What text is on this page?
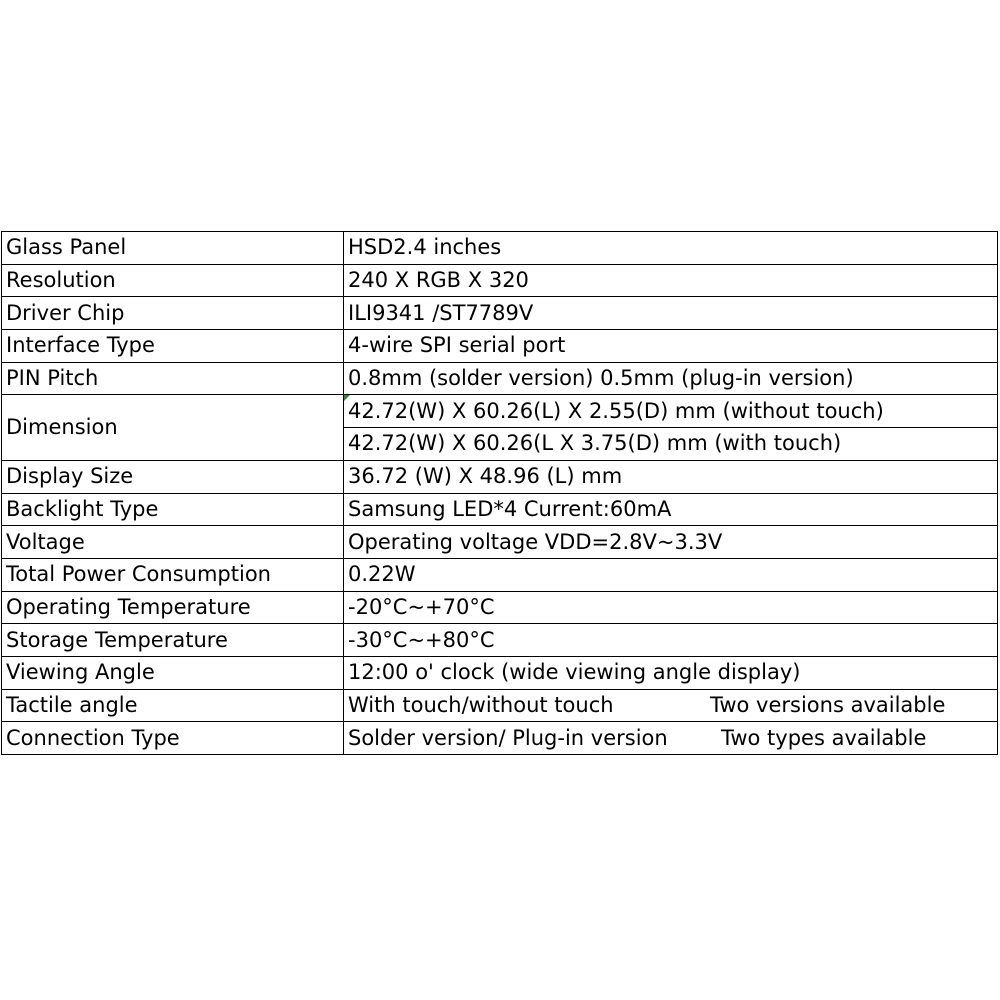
Glass Panel	HSD2.4 inches
Resolution	240 X RGB X 320
Driver Chip	ILI9341 /ST7789V
Interface Type	4-wire SPI serial port
PIN Pitch	0.8mm (solder version) 0.5mm (plug-in version)
Dimension	42.72(W) X 60.26(L) X 2.55(D) mm (without touch)
	42.72(W) X 60.26(L X 3.75(D) mm (with touch)
Display Size	36.72 (W) X 48.96 (L) mm
Backlight Type	Samsung LED*4 Current:60mA
Voltage	Operating voltage VDD=2.8V~3.3V
Total Power Consumption	0.22W
Operating Temperature	-20°C~+70°C
Storage Temperature	-30°C~+80°C
Viewing Angle	12:00 o' clock (wide viewing angle display)
Tactile angle	With touch/without touch Two versions available

Connection Type	Solder version/ Plug-in version Two types available
